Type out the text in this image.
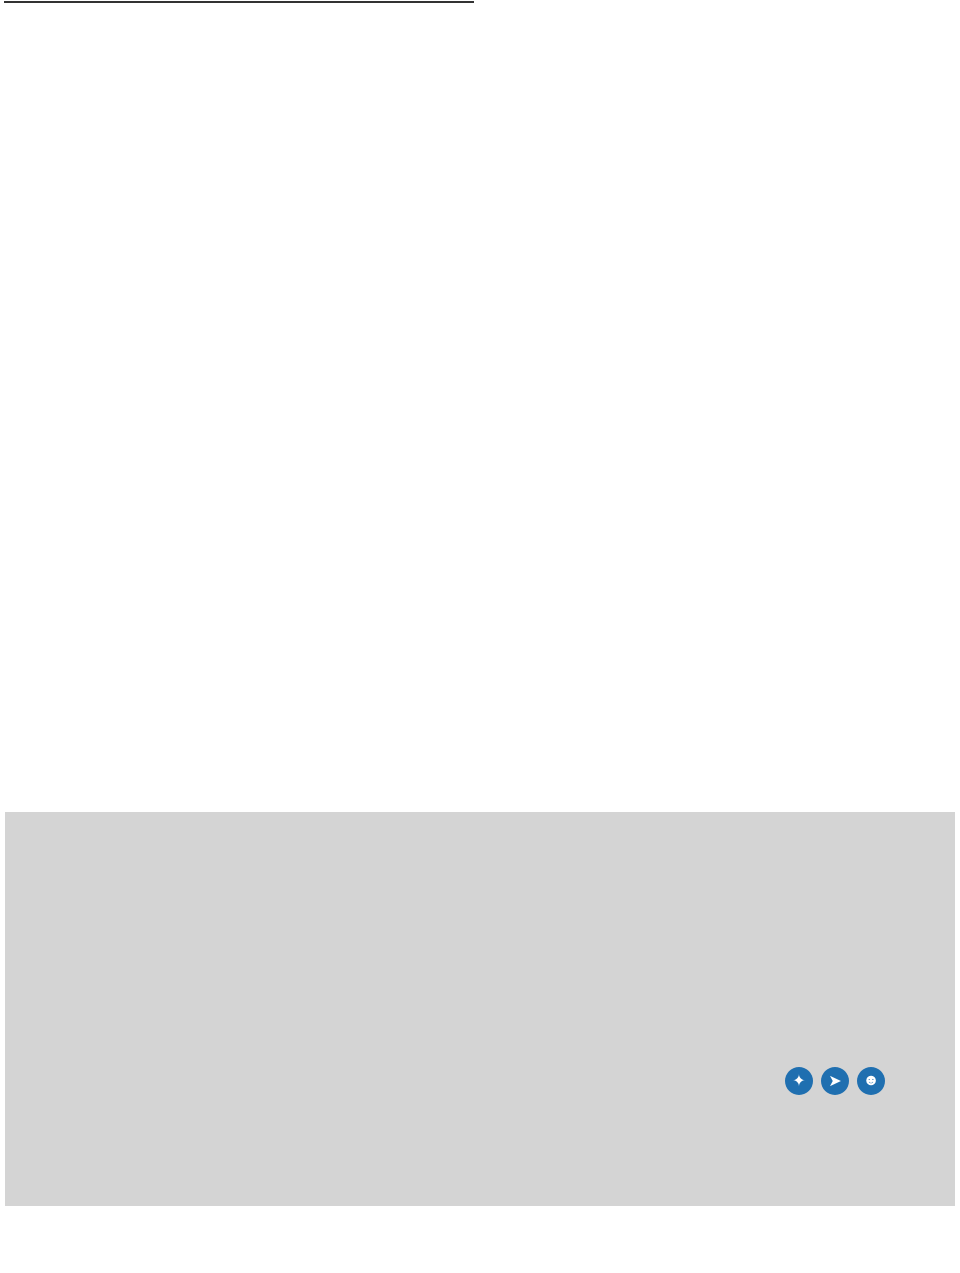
✦	➤	☻
